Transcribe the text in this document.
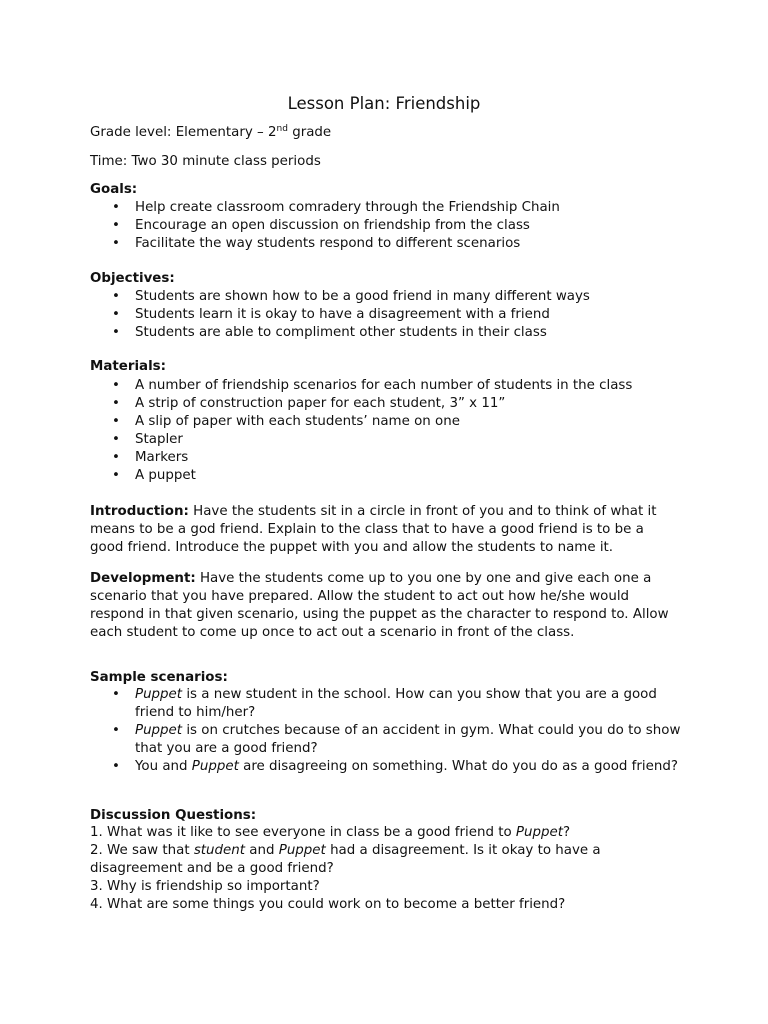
Lesson Plan: Friendship
Grade level: Elementary – 2nd grade
Time: Two 30 minute class periods
Goals:
• Help create classroom comradery through the Friendship Chain
• Encourage an open discussion on friendship from the class
• Facilitate the way students respond to different scenarios
Objectives:
• Students are shown how to be a good friend in many different ways
• Students learn it is okay to have a disagreement with a friend
• Students are able to compliment other students in their class
Materials:
• A number of friendship scenarios for each number of students in the class
• A strip of construction paper for each student, 3” x 11”
• A slip of paper with each students’ name on one
• Stapler
• Markers
• A puppet

Introduction: Have the students sit in a circle in front of you and to think of what it means to be a god friend. Explain to the class that to have a good friend is to be a good friend. Introduce the puppet with you and allow the students to name it.

Development: Have the students come up to you one by one and give each one a scenario that you have prepared. Allow the student to act out how he/she would respond in that given scenario, using the puppet as the character to respond to. Allow each student to come up once to act out a scenario in front of the class.

Sample scenarios:
• Puppet is a new student in the school. How can you show that you are a good friend to him/her?
• Puppet is on crutches because of an accident in gym. What could you do to show that you are a good friend?
• You and Puppet are disagreeing on something. What do you do as a good friend?
Discussion Questions:
1. What was it like to see everyone in class be a good friend to Puppet?
2. We saw that student and Puppet had a disagreement. Is it okay to have a disagreement and be a good friend?
3. Why is friendship so important?
4. What are some things you could work on to become a better friend?
